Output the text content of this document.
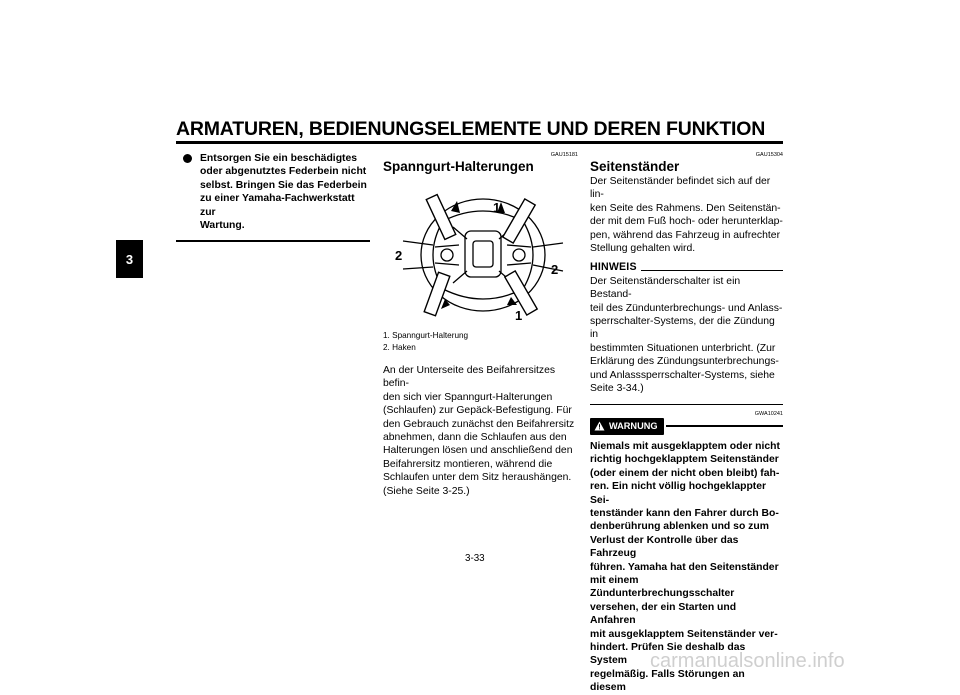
ARMATUREN, BEDIENUNGSELEMENTE UND DEREN FUNKTION
3
Entsorgen Sie ein beschädigtes
oder abgenutztes Federbein nicht
selbst. Bringen Sie das Federbein
zu einer Yamaha-Fachwerkstatt zur
Wartung.
GAU15181
Spanngurt-Halterungen
1
2
2
1
1. Spanngurt-Halterung
2. Haken
An der Unterseite des Beifahrersitzes befin-
den sich vier Spanngurt-Halterungen
(Schlaufen) zur Gepäck-Befestigung. Für
den Gebrauch zunächst den Beifahrersitz
abnehmen, dann die Schlaufen aus den
Halterungen lösen und anschließend den
Beifahrersitz montieren, während die
Schlaufen unter dem Sitz heraushängen.
(Siehe Seite 3-25.)
GAU15304
Seitenständer
Der Seitenständer befindet sich auf der lin-
ken Seite des Rahmens. Den Seitenstän-
der mit dem Fuß hoch- oder herunterklap-
pen, während das Fahrzeug in aufrechter
Stellung gehalten wird.
HINWEIS
Der Seitenständerschalter ist ein Bestand-
teil des Zündunterbrechungs- und Anlass-
sperrschalter-Systems, der die Zündung in
bestimmten Situationen unterbricht. (Zur
Erklärung des Zündungsunterbrechungs-
und Anlasssperrschalter-Systems, siehe
Seite 3-34.)
GWA10241
WARNUNG
Niemals mit ausgeklapptem oder nicht
richtig hochgeklapptem Seitenständer
(oder einem der nicht oben bleibt) fah-
ren. Ein nicht völlig hochgeklappter Sei-
tenständer kann den Fahrer durch Bo-
denberührung ablenken und so zum
Verlust der Kontrolle über das Fahrzeug
führen. Yamaha hat den Seitenständer
mit einem Zündunterbrechungsschalter
versehen, der ein Starten und Anfahren
mit ausgeklapptem Seitenständer ver-
hindert. Prüfen Sie deshalb das System
regelmäßig. Falls Störungen an diesem
3-33
carmanualsonline.info
